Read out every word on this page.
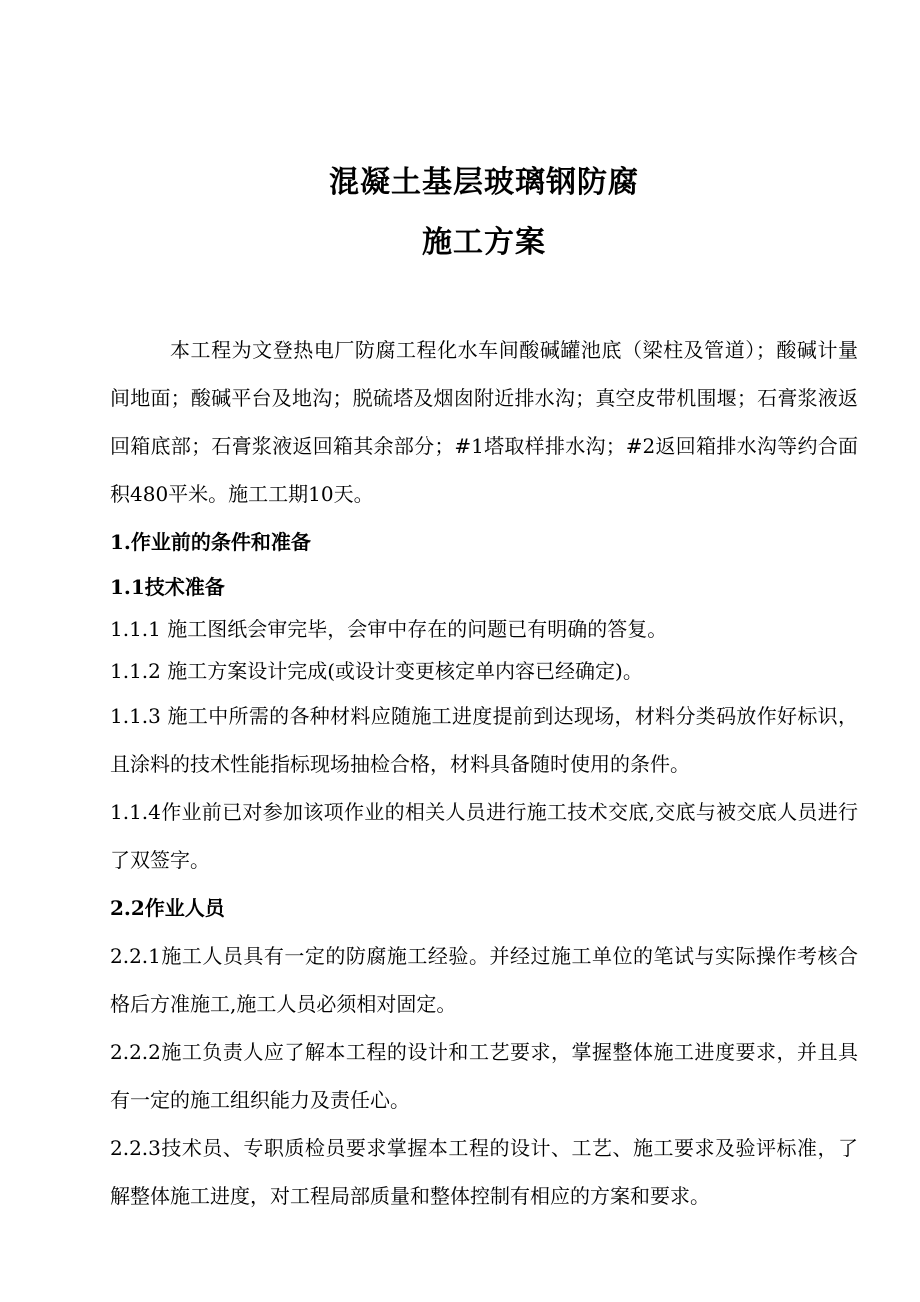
混凝土基层玻璃钢防腐
施工方案

本工程为文登热电厂防腐工程化水车间酸碱罐池底（梁柱及管道）；酸碱计量间地面；酸碱平台及地沟；脱硫塔及烟囱附近排水沟；真空皮带机围堰；石膏浆液返回箱底部；石膏浆液返回箱其余部分；#1塔取样排水沟；#2返回箱排水沟等约合面积480平米。施工工期10天。

1.作业前的条件和准备

1.1技术准备

1.1.1 施工图纸会审完毕，会审中存在的问题已有明确的答复。

1.1.2 施工方案设计完成(或设计变更核定单内容已经确定)。

1.1.3 施工中所需的各种材料应随施工进度提前到达现场，材料分类码放作好标识，且涂料的技术性能指标现场抽检合格，材料具备随时使用的条件。

1.1.4作业前已对参加该项作业的相关人员进行施工技术交底,交底与被交底人员进行了双签字。

2.2作业人员

2.2.1施工人员具有一定的防腐施工经验。并经过施工单位的笔试与实际操作考核合格后方准施工,施工人员必须相对固定。

2.2.2施工负责人应了解本工程的设计和工艺要求，掌握整体施工进度要求，并且具有一定的施工组织能力及责任心。

2.2.3技术员、专职质检员要求掌握本工程的设计、工艺、施工要求及验评标准，了解整体施工进度，对工程局部质量和整体控制有相应的方案和要求。
